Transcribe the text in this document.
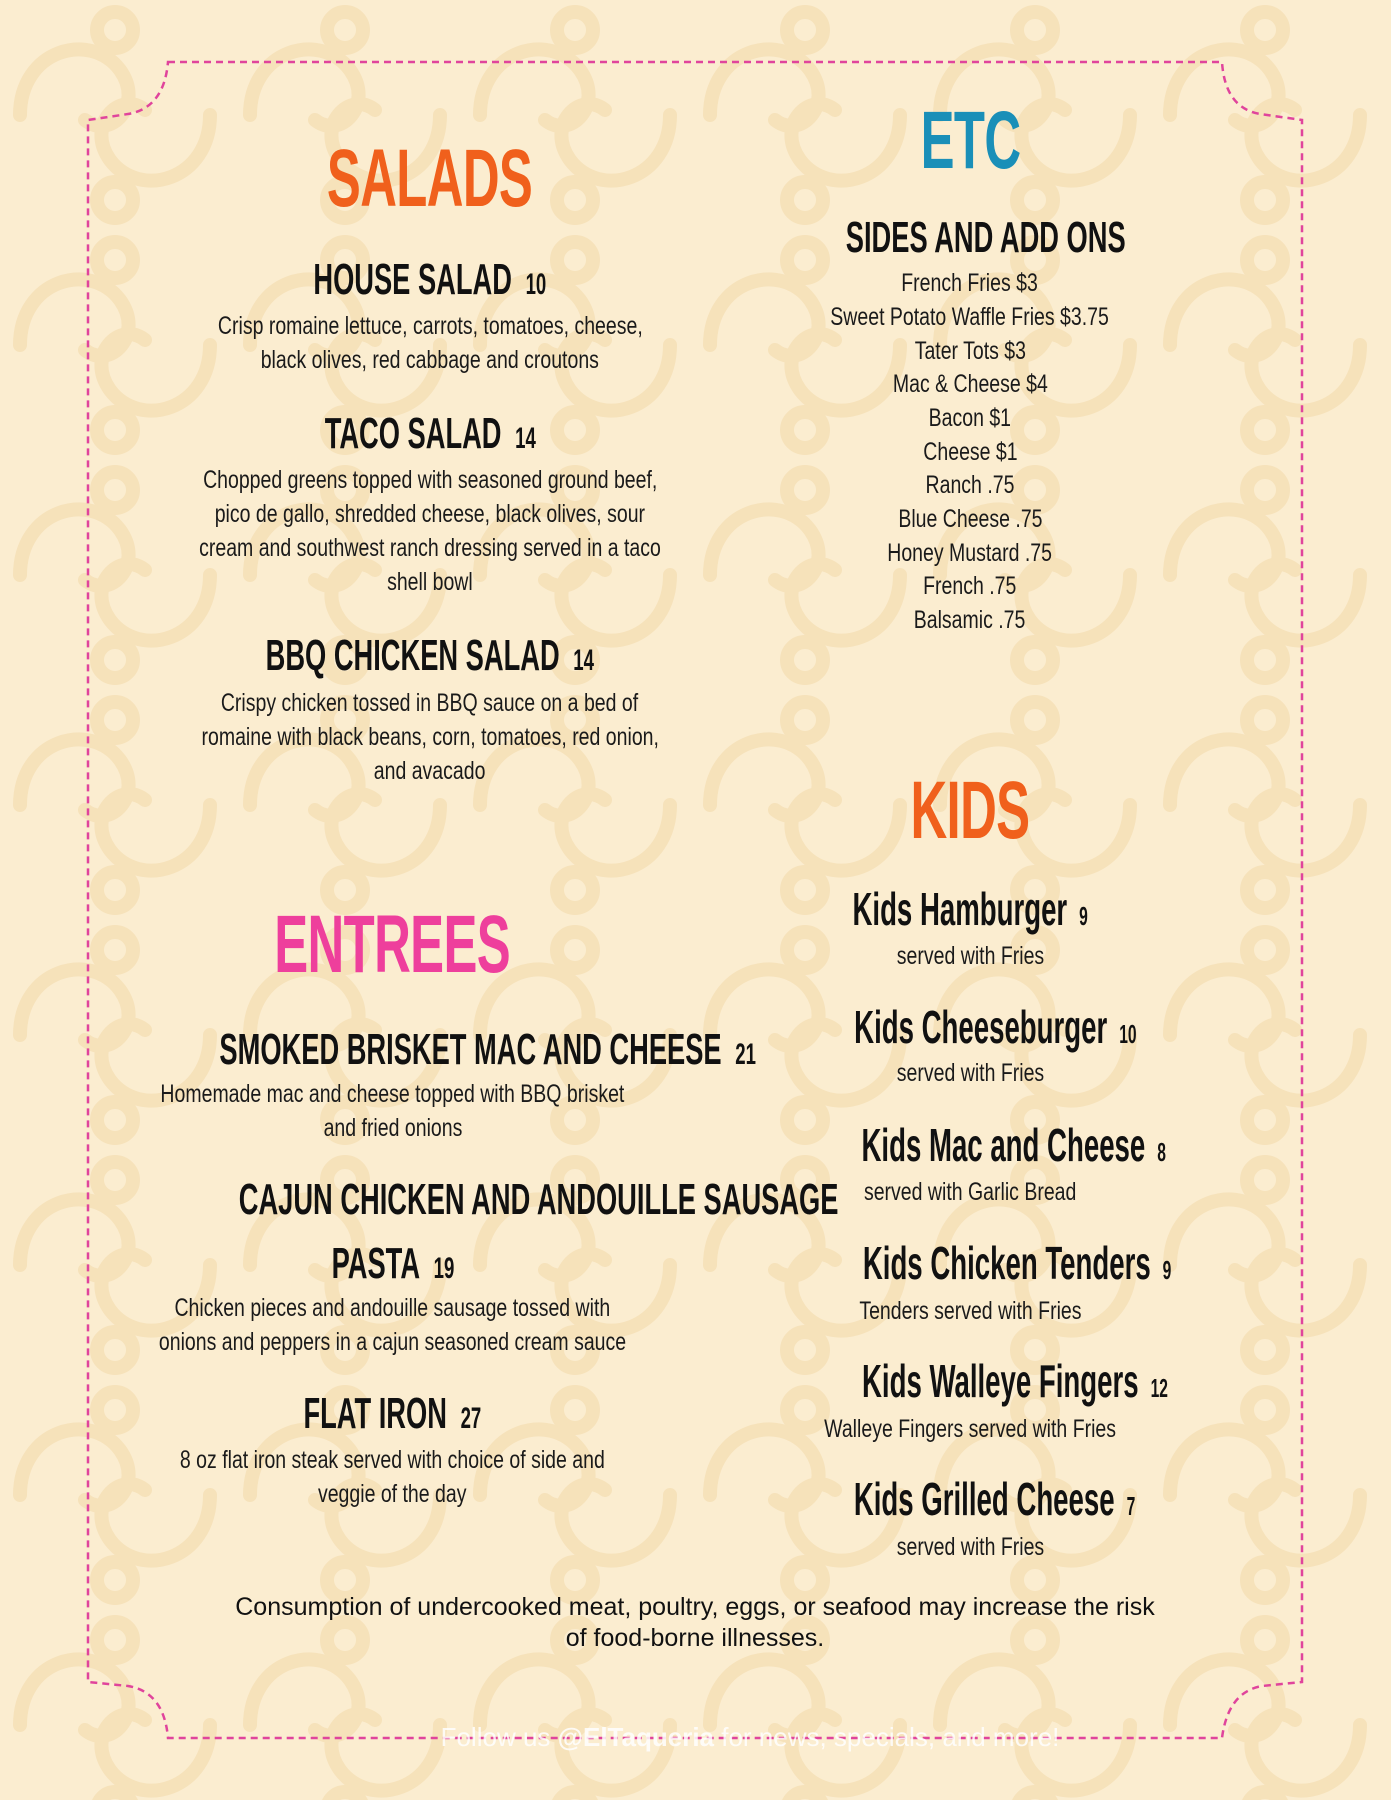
SALADS
HOUSE SALAD 10
Crisp romaine lettuce, carrots, tomatoes, cheese,
black olives, red cabbage and croutons
TACO SALAD 14
Chopped greens topped with seasoned ground beef,
pico de gallo, shredded cheese, black olives, sour
cream and southwest ranch dressing served in a taco
shell bowl
BBQ CHICKEN SALAD 14
Crispy chicken tossed in BBQ sauce on a bed of
romaine with black beans, corn, tomatoes, red onion,
and avacado
ENTREES
SMOKED BRISKET MAC AND CHEESE 21
Homemade mac and cheese topped with BBQ brisket
and fried onions
CAJUN CHICKEN AND ANDOUILLE SAUSAGE
PASTA 19
Chicken pieces and andouille sausage tossed with
onions and peppers in a cajun seasoned cream sauce
FLAT IRON 27
8 oz flat iron steak served with choice of side and
veggie of the day
ETC
SIDES AND ADD ONS
French Fries $3
Sweet Potato Waffle Fries $3.75
Tater Tots $3
Mac & Cheese $4
Bacon $1
Cheese $1
Ranch .75
Blue Cheese .75
Honey Mustard .75
French .75
Balsamic .75
KIDS
Kids Hamburger 9
served with Fries
Kids Cheeseburger 10
served with Fries
Kids Mac and Cheese 8
served with Garlic Bread
Kids Chicken Tenders 9
Tenders served with Fries
Kids Walleye Fingers 12
Walleye Fingers served with Fries
Kids Grilled Cheese 7
served with Fries
Consumption of undercooked meat, poultry, eggs, or seafood may increase the risk
of food-borne illnesses.
Follow us @ElTaqueria for news, specials, and more!
